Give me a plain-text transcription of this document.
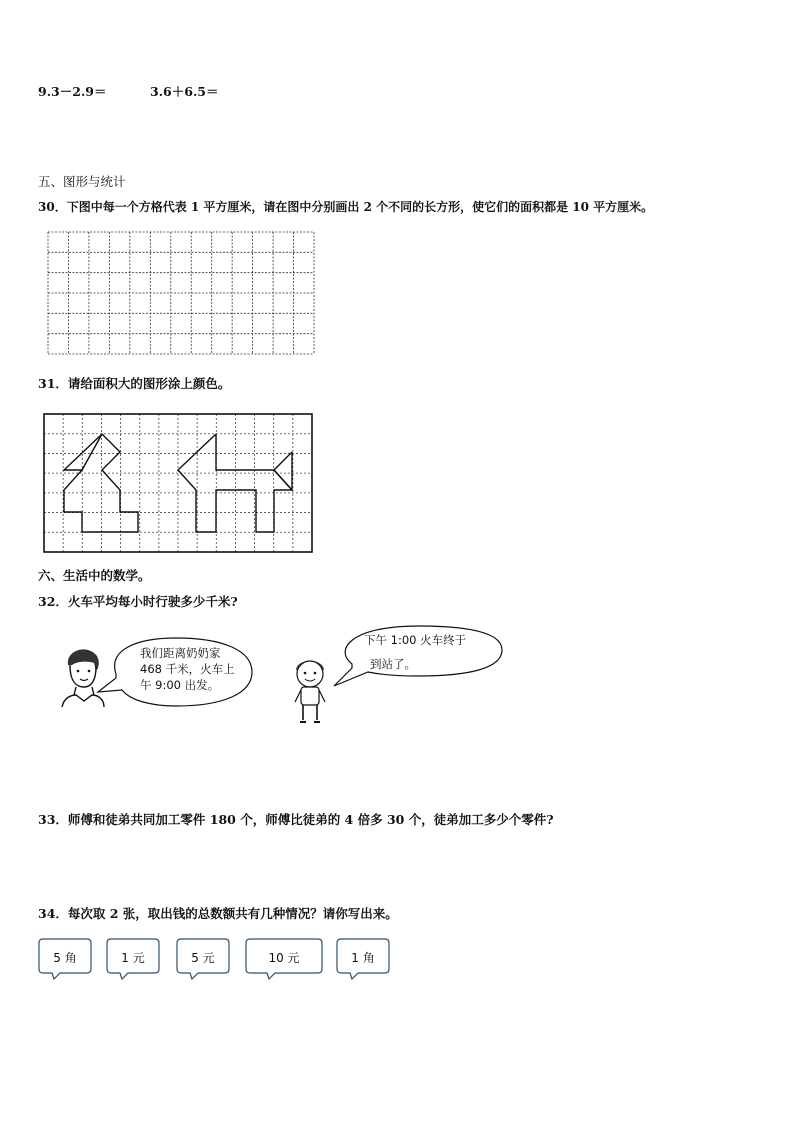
9.3－2.9＝	3.6＋6.5＝
五、图形与统计
30．下图中每一个方格代表 1 平方厘米，请在图中分别画出 2 个不同的长方形，使它们的面积都是 10 平方厘米。
31．请给面积大的图形涂上颜色。
六、生活中的数学。
32．火车平均每小时行驶多少千米?
我们距离奶奶家
468 千米，火车上
午 9:00 出发。
下午 1:00 火车终于
到站了。
33．师傅和徒弟共同加工零件 180 个，师傅比徒弟的 4 倍多 30 个，徒弟加工多少个零件?
34．每次取 2 张，取出钱的总数额共有几种情况？请你写出来。
5 角	1 元	5 元	10 元	1 角
